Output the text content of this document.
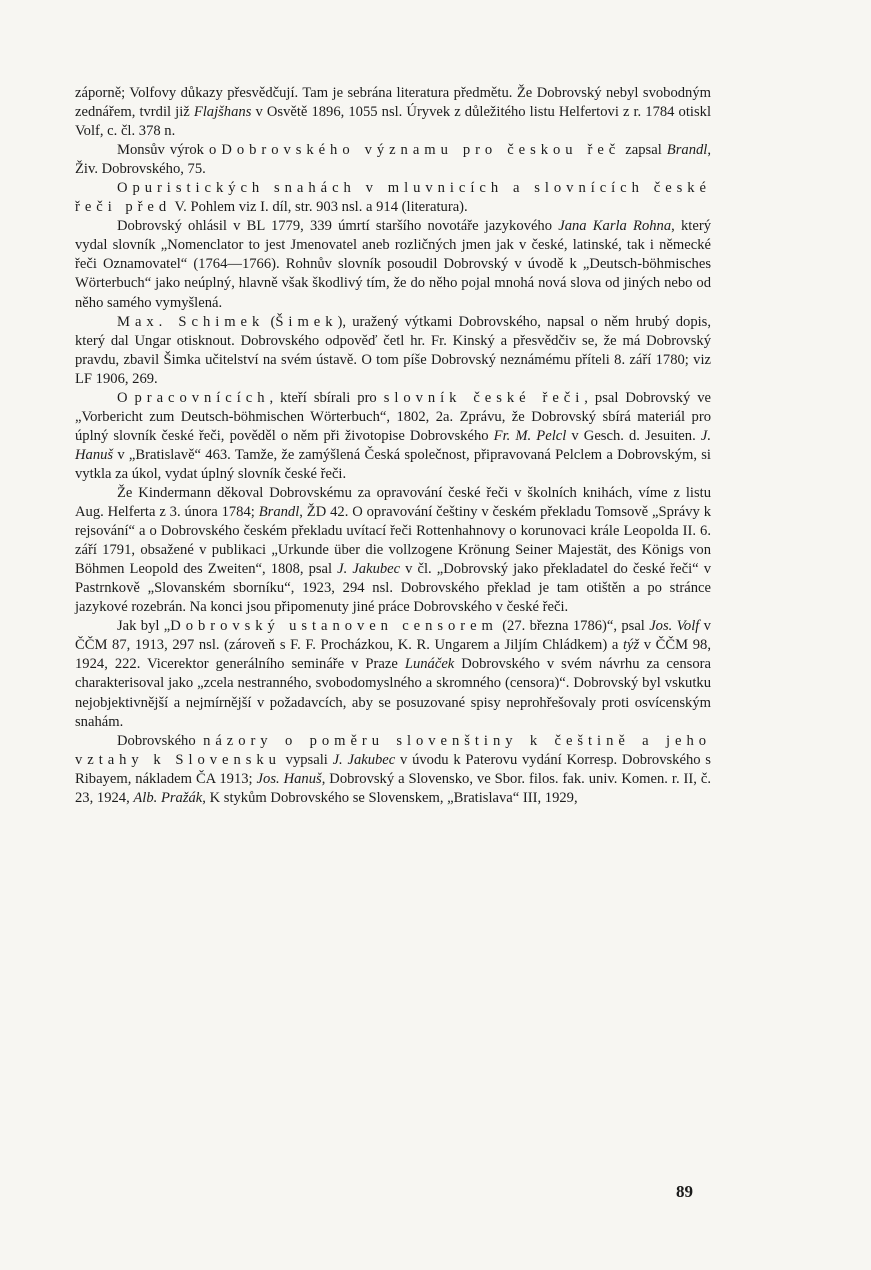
záporně; Volfovy důkazy přesvědčují. Tam je sebrána literatura předmětu. Že Dobrovský nebyl svobodným zednářem, tvrdil již Flajšhans v Osvětě 1896, 1055 nsl. Úryvek z důležitého listu Helfertovi z r. 1784 otiskl Volf, c. čl. 378 n.

Monsův výrok o Dobrovského významu pro českou řeč zapsal Brandl, Živ. Dobrovského, 75.

O puristických snahách v mluvnicích a slovnících české řeči před V. Pohlem viz I. díl, str. 903 nsl. a 914 (literatura).

Dobrovský ohlásil v BL 1779, 339 úmrtí staršího novotáře jazykového Jana Karla Rohna, který vydal slovník „Nomenclator to jest Jmenovatel aneb rozličných jmen jak v české, latinské, tak i německé řeči Oznamovatel“ (1764—1766). Rohnův slovník posoudil Dobrovský v úvodě k „Deutsch-böhmisches Wörterbuch“ jako neúplný, hlavně však škodlivý tím, že do něho pojal mnohá nová slova od jiných nebo od něho samého vymyšlená.

Max. Schimek (Šimek), uražený výtkami Dobrovského, napsal o něm hrubý dopis, který dal Ungar otisknout. Dobrovského odpověď četl hr. Fr. Kinský a přesvědčiv se, že má Dobrovský pravdu, zbavil Šimka učitelství na svém ústavě. O tom píše Dobrovský neznámému příteli 8. září 1780; viz LF 1906, 269.

O pracovnících, kteří sbírali pro slovník české řeči, psal Dobrovský ve „Vorbericht zum Deutsch-böhmischen Wörterbuch“, 1802, 2a. Zprávu, že Dobrovský sbírá materiál pro úplný slovník české řeči, pověděl o něm při životopise Dobrovského Fr. M. Pelcl v Gesch. d. Jesuiten. J. Hanuš v „Bratislavě“ 463. Tamže, že zamýšlená Česká společnost, připravovaná Pelclem a Dobrovským, si vytkla za úkol, vydat úplný slovník české řeči.

Že Kindermann děkoval Dobrovskému za opravování české řeči v školních knihách, víme z listu Aug. Helferta z 3. února 1784; Brandl, ŽD 42. O opravování češtiny v českém překladu Tomsově „Správy k rejsování“ a o Dobrovského českém překladu uvítací řeči Rottenhahnovy o korunovaci krále Leopolda II. 6. září 1791, obsažené v publikaci „Urkunde über die vollzogene Krönung Seiner Majestät, des Königs von Böhmen Leopold des Zweiten“, 1808, psal J. Jakubec v čl. „Dobrovský jako překladatel do české řeči“ v Pastrnkově „Slovanském sborníku“, 1923, 294 nsl. Dobrovského překlad je tam otištěn a po stránce jazykové rozebrán. Na konci jsou připomenuty jiné práce Dobrovského v české řeči.

Jak byl „Dobrovský ustanoven censorem (27. března 1786)“, psal Jos. Volf v ČČM 87, 1913, 297 nsl. (zároveň s F. F. Procházkou, K. R. Ungarem a Jiljím Chládkem) a týž v ČČM 98, 1924, 222. Vicerektor generálního semináře v Praze Lunáček Dobrovského v svém návrhu za censora charakterisoval jako „zcela nestranného, svobodomyslného a skromného (censora)“. Dobrovský byl vskutku nejobjektivnější a nejmírnější v požadavcích, aby se posuzované spisy neprohřešovaly proti osvícenským snahám.

Dobrovského názory o poměru slovenštiny k češtině a jeho vztahy k Slovensku vypsali J. Jakubec v úvodu k Paterovu vydání Korresp. Dobrovského s Ribayem, nákladem ČA 1913; Jos. Hanuš, Dobrovský a Slovensko, ve Sbor. filos. fak. univ. Komen. r. II, č. 23, 1924, Alb. Pražák, K stykům Dobrovského se Slovenskem, „Bratislava“ III, 1929,

89
